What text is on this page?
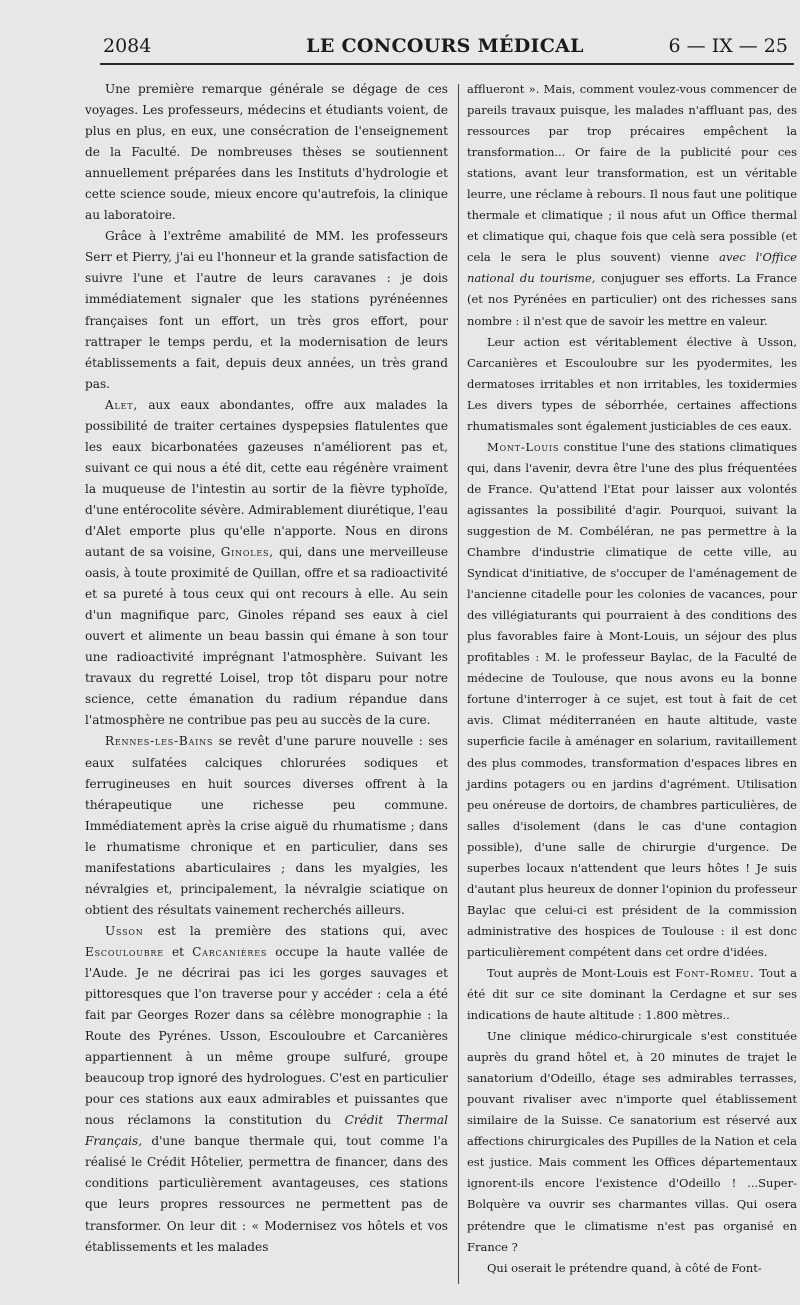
2084	LE CONCOURS MÉDICAL	6 — IX — 25

Une première remarque générale se dégage de ces voyages. Les professeurs, médecins et étudiants voient, de plus en plus, en eux, une consécration de l'enseignement de la Faculté. De nombreuses thèses se soutiennent annuellement préparées dans les Instituts d'hydrologie et cette science soude, mieux encore qu'autrefois, la clinique au laboratoire.

Grâce à l'extrême amabilité de MM. les professeurs Serr et Pierry, j'ai eu l'honneur et la grande satisfaction de suivre l'une et l'autre de leurs caravanes : je dois immédiatement signaler que les stations pyrénéennes françaises font un effort, un très gros effort, pour rattraper le temps perdu, et la modernisation de leurs établissements a fait, depuis deux années, un très grand pas.

Alet, aux eaux abondantes, offre aux malades la possibilité de traiter certaines dyspepsies flatulentes que les eaux bicarbonatées gazeuses n'améliorent pas et, suivant ce qui nous a été dit, cette eau régénère vraiment la muqueuse de l'intestin au sortir de la fièvre typhoïde, d'une entérocolite sévère. Admirablement diurétique, l'eau d'Alet emporte plus qu'elle n'apporte. Nous en dirons autant de sa voisine, Ginoles, qui, dans une merveilleuse oasis, à toute proximité de Quillan, offre et sa radioactivité et sa pureté à tous ceux qui ont recours à elle. Au sein d'un magnifique parc, Ginoles répand ses eaux à ciel ouvert et alimente un beau bassin qui émane à son tour une radioactivité imprégnant l'atmosphère. Suivant les travaux du regretté Loisel, trop tôt disparu pour notre science, cette émanation du radium répandue dans l'atmosphère ne contribue pas peu au succès de la cure.

Rennes-les-Bains se revêt d'une parure nouvelle : ses eaux sulfatées calciques chlorurées sodiques et ferrugineuses en huit sources diverses offrent à la thérapeutique une richesse peu commune. Immédiatement après la crise aiguë du rhumatisme ; dans le rhumatisme chronique et en particulier, dans ses manifestations abarticulaires ; dans les myalgies, les névralgies et, principalement, la névralgie sciatique on obtient des résultats vainement recherchés ailleurs.

Usson est la première des stations qui, avec Escouloubre et Carcanières occupe la haute vallée de l'Aude. Je ne décrirai pas ici les gorges sauvages et pittoresques que l'on traverse pour y accéder : cela a été fait par Georges Rozer dans sa célèbre monographie : la Route des Pyrénes. Usson, Escouloubre et Carcanières appartiennent à un même groupe sulfuré, groupe beaucoup trop ignoré des hydrologues. C'est en particulier pour ces stations aux eaux admirables et puissantes que nous réclamons la constitution du Crédit Thermal Français, d'une banque thermale qui, tout comme l'a réalisé le Crédit Hôtelier, permettra de financer, dans des conditions particulièrement avantageuses, ces stations que leurs propres ressources ne permettent pas de transformer. On leur dit : « Modernisez vos hôtels et vos établissements et les malades

afflueront ». Mais, comment voulez-vous commencer de pareils travaux puisque, les malades n'affluant pas, des ressources par trop précaires empêchent la transformation... Or faire de la publicité pour ces stations, avant leur transformation, est un véritable leurre, une réclame à rebours. Il nous faut une politique thermale et climatique ; il nous afut un Office thermal et climatique qui, chaque fois que celà sera possible (et cela le sera le plus souvent) vienne avec l'Office national du tourisme, conjuguer ses efforts. La France (et nos Pyrénées en particulier) ont des richesses sans nombre : il n'est que de savoir les mettre en valeur.

Leur action est véritablement élective à Usson, Carcanières et Escouloubre sur les pyodermites, les dermatoses irritables et non irritables, les toxidermies Les divers types de séborrhée, certaines affections rhumatismales sont également justiciables de ces eaux.

Mont-Louis constitue l'une des stations climatiques qui, dans l'avenir, devra être l'une des plus fréquentées de France. Qu'attend l'Etat pour laisser aux volontés agissantes la possibilité d'agir. Pourquoi, suivant la suggestion de M. Combéléran, ne pas permettre à la Chambre d'industrie climatique de cette ville, au Syndicat d'initiative, de s'occuper de l'aménagement de l'ancienne citadelle pour les colonies de vacances, pour des villégiaturants qui pourraient à des conditions des plus favorables faire à Mont-Louis, un séjour des plus profitables : M. le professeur Baylac, de la Faculté de médecine de Toulouse, que nous avons eu la bonne fortune d'interroger à ce sujet, est tout à fait de cet avis. Climat méditerranéen en haute altitude, vaste superficie facile à aménager en solarium, ravitaillement des plus commodes, transformation d'espaces libres en jardins potagers ou en jardins d'agrément. Utilisation peu onéreuse de dortoirs, de chambres particulières, de salles d'isolement (dans le cas d'une contagion possible), d'une salle de chirurgie d'urgence. De superbes locaux n'attendent que leurs hôtes ! Je suis d'autant plus heureux de donner l'opinion du professeur Baylac que celui-ci est président de la commission administrative des hospices de Toulouse : il est donc particulièrement compétent dans cet ordre d'idées.

Tout auprès de Mont-Louis est Font-Romeu. Tout a été dit sur ce site dominant la Cerdagne et sur ses indications de haute altitude : 1.800 mètres..

Une clinique médico-chirurgicale s'est constituée auprès du grand hôtel et, à 20 minutes de trajet le sanatorium d'Odeillo, étage ses admirables terrasses, pouvant rivaliser avec n'importe quel établissement similaire de la Suisse. Ce sanatorium est réservé aux affections chirurgicales des Pupilles de la Nation et cela est justice. Mais comment les Offices départementaux ignorent-ils encore l'existence d'Odeillo ! ...Super-Bolquère va ouvrir ses charmantes villas. Qui osera prétendre que le climatisme n'est pas organisé en France ?

Qui oserait le prétendre quand, à côté de Font-
